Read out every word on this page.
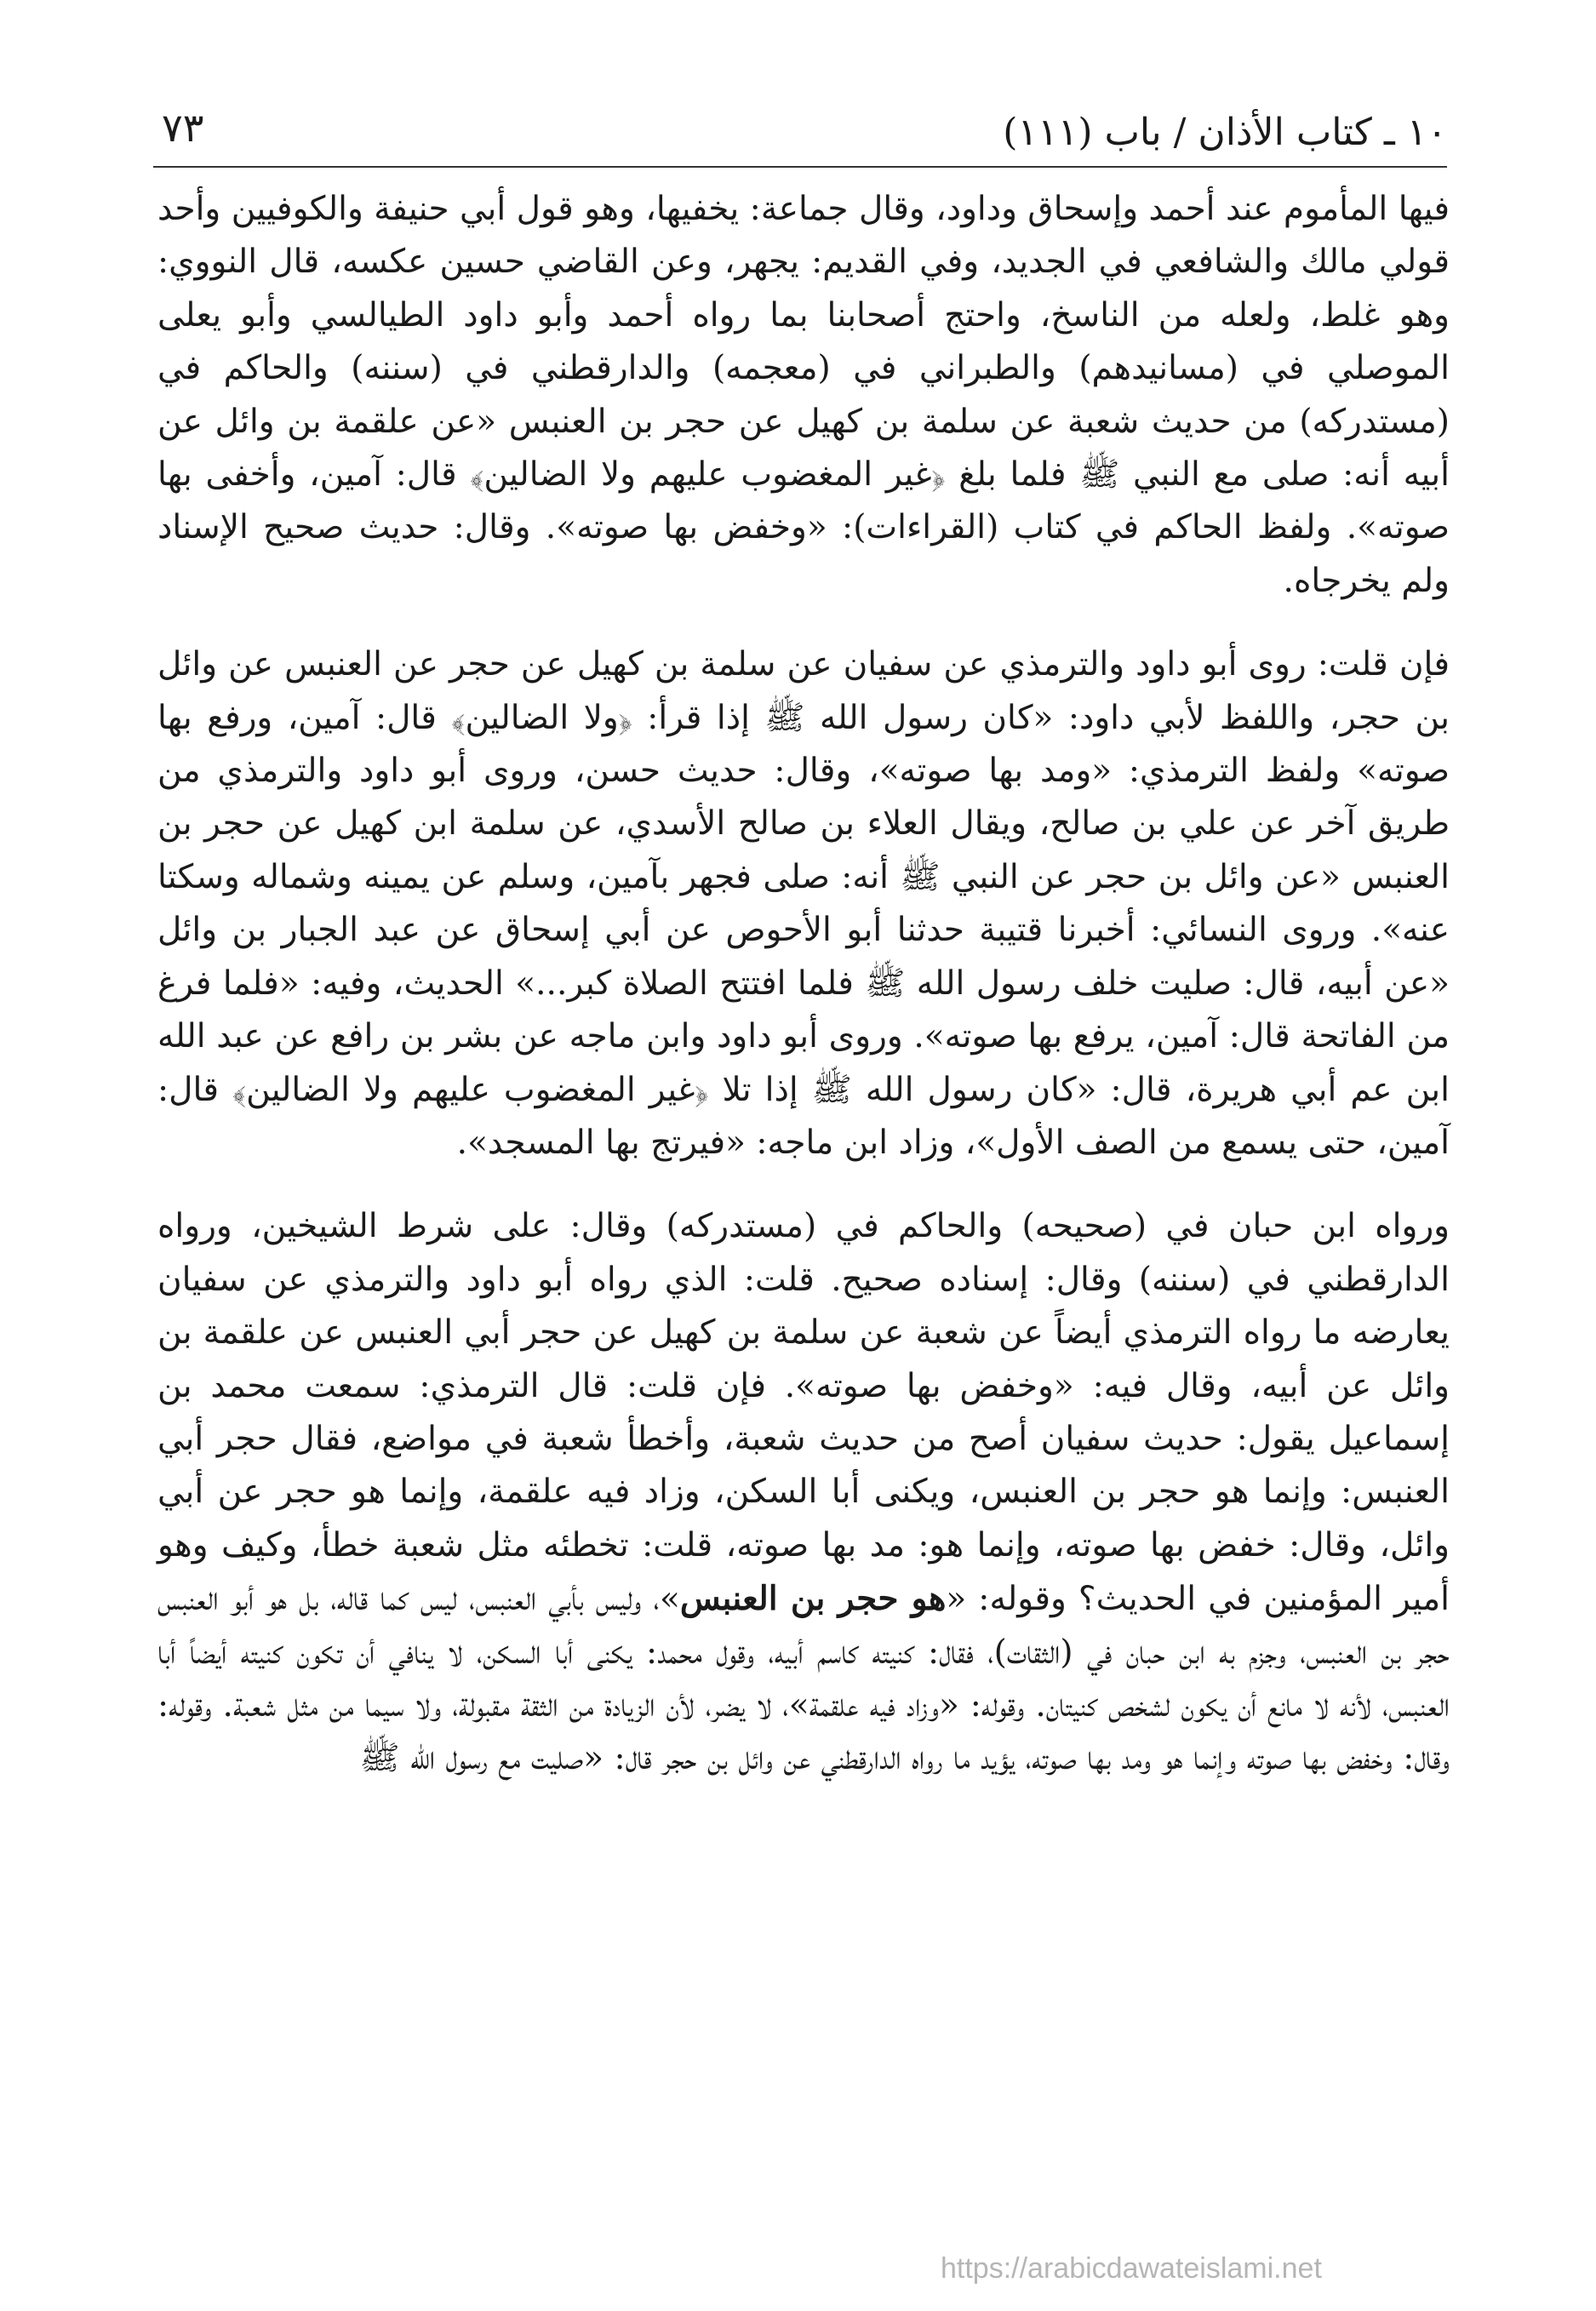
١٠ ـ كتاب الأذان / باب (١١١)
٧٣

فيها المأموم عند أحمد وإسحاق وداود، وقال جماعة: يخفيها، وهو قول أبي حنيفة والكوفيين وأحد قولي مالك والشافعي في الجديد، وفي القديم: يجهر، وعن القاضي حسين عكسه، قال النووي: وهو غلط، ولعله من الناسخ، واحتج أصحابنا بما رواه أحمد وأبو داود الطيالسي وأبو يعلى الموصلي في (مسانيدهم) والطبراني في (معجمه) والدارقطني في (سننه) والحاكم في (مستدركه) من حديث شعبة عن سلمة بن كهيل عن حجر بن العنبس «عن علقمة بن وائل عن أبيه أنه: صلى مع النبي ﷺ فلما بلغ ﴿غير المغضوب عليهم ولا الضالين﴾ قال: آمين، وأخفى بها صوته». ولفظ الحاكم في كتاب (القراءات): «وخفض بها صوته». وقال: حديث صحيح الإسناد ولم يخرجاه.

فإن قلت: روى أبو داود والترمذي عن سفيان عن سلمة بن كهيل عن حجر عن العنبس عن وائل بن حجر، واللفظ لأبي داود: «كان رسول الله ﷺ إذا قرأ: ﴿ولا الضالين﴾ قال: آمين، ورفع بها صوته» ولفظ الترمذي: «ومد بها صوته»، وقال: حديث حسن، وروى أبو داود والترمذي من طريق آخر عن علي بن صالح، ويقال العلاء بن صالح الأسدي، عن سلمة ابن كهيل عن حجر بن العنبس «عن وائل بن حجر عن النبي ﷺ أنه: صلى فجهر بآمين، وسلم عن يمينه وشماله وسكتا عنه». وروى النسائي: أخبرنا قتيبة حدثنا أبو الأحوص عن أبي إسحاق عن عبد الجبار بن وائل «عن أبيه، قال: صليت خلف رسول الله ﷺ فلما افتتح الصلاة كبر...» الحديث، وفيه: «فلما فرغ من الفاتحة قال: آمين، يرفع بها صوته». وروى أبو داود وابن ماجه عن بشر بن رافع عن عبد الله ابن عم أبي هريرة، قال: «كان رسول الله ﷺ إذا تلا ﴿غير المغضوب عليهم ولا الضالين﴾ قال: آمين، حتى يسمع من الصف الأول»، وزاد ابن ماجه: «فيرتج بها المسجد».

ورواه ابن حبان في (صحيحه) والحاكم في (مستدركه) وقال: على شرط الشيخين، ورواه الدارقطني في (سننه) وقال: إسناده صحيح. قلت: الذي رواه أبو داود والترمذي عن سفيان يعارضه ما رواه الترمذي أيضاً عن شعبة عن سلمة بن كهيل عن حجر أبي العنبس عن علقمة بن وائل عن أبيه، وقال فيه: «وخفض بها صوته». فإن قلت: قال الترمذي: سمعت محمد بن إسماعيل يقول: حديث سفيان أصح من حديث شعبة، وأخطأ شعبة في مواضع، فقال حجر أبي العنبس: وإنما هو حجر بن العنبس، ويكنى أبا السكن، وزاد فيه علقمة، وإنما هو حجر عن أبي وائل، وقال: خفض بها صوته، وإنما هو: مد بها صوته، قلت: تخطئه مثل شعبة خطأ، وكيف وهو أمير المؤمنين في الحديث؟ وقوله: «هو حجر بن العنبس»، وليس بأبي العنبس، ليس كما قاله، بل هو أبو العنبس حجر بن العنبس، وجزم به ابن حبان في (الثقات)، فقال: كنيته كاسم أبيه، وقول محمد: يكنى أبا السكن، لا ينافي أن تكون كنيته أيضاً أبا العنبس، لأنه لا مانع أن يكون لشخص كنيتان. وقوله: «وزاد فيه علقمة»، لا يضر، لأن الزيادة من الثقة مقبولة، ولا سيما من مثل شعبة. وقوله: وقال: وخفض بها صوته وإنما هو ومد بها صوته، يؤيد ما رواه الدارقطني عن وائل بن حجر قال: «صليت مع رسول الله ﷺ

https://arabicdawateislami.net
